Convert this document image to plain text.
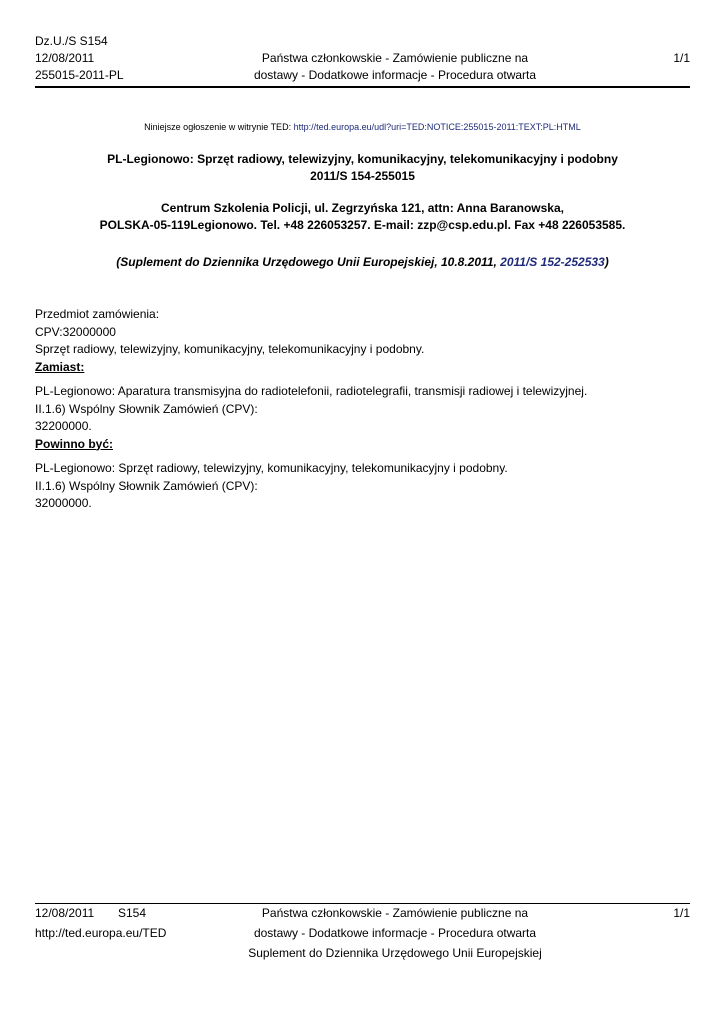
Dz.U./S S154
12/08/2011
255015-2011-PL
Państwa członkowskie - Zamówienie publiczne na
dostawy - Dodatkowe informacje - Procedura otwarta
1/1
Niniejsze ogłoszenie w witrynie TED: http://ted.europa.eu/udl?uri=TED:NOTICE:255015-2011:TEXT:PL:HTML
PL-Legionowo: Sprzęt radiowy, telewizyjny, komunikacyjny, telekomunikacyjny i podobny
2011/S 154-255015
Centrum Szkolenia Policji, ul. Zegrzyńska 121, attn: Anna Baranowska,
POLSKA-05-119Legionowo. Tel. +48 226053257. E-mail: zzp@csp.edu.pl. Fax +48 226053585.
(Suplement do Dziennika Urzędowego Unii Europejskiej, 10.8.2011, 2011/S 152-252533)
Przedmiot zamówienia:
CPV:32000000
Sprzęt radiowy, telewizyjny, komunikacyjny, telekomunikacyjny i podobny.
Zamiast:
PL-Legionowo: Aparatura transmisyjna do radiotelefonii, radiotelegrafii, transmisji radiowej i telewizyjnej.
II.1.6) Wspólny Słownik Zamówień (CPV):
32200000.
Powinno być:
PL-Legionowo: Sprzęt radiowy, telewizyjny, komunikacyjny, telekomunikacyjny i podobny.
II.1.6) Wspólny Słownik Zamówień (CPV):
32000000.
12/08/2011 S154
http://ted.europa.eu/TED
Państwa członkowskie - Zamówienie publiczne na
dostawy - Dodatkowe informacje - Procedura otwarta
Suplement do Dziennika Urzędowego Unii Europejskiej
1/1
